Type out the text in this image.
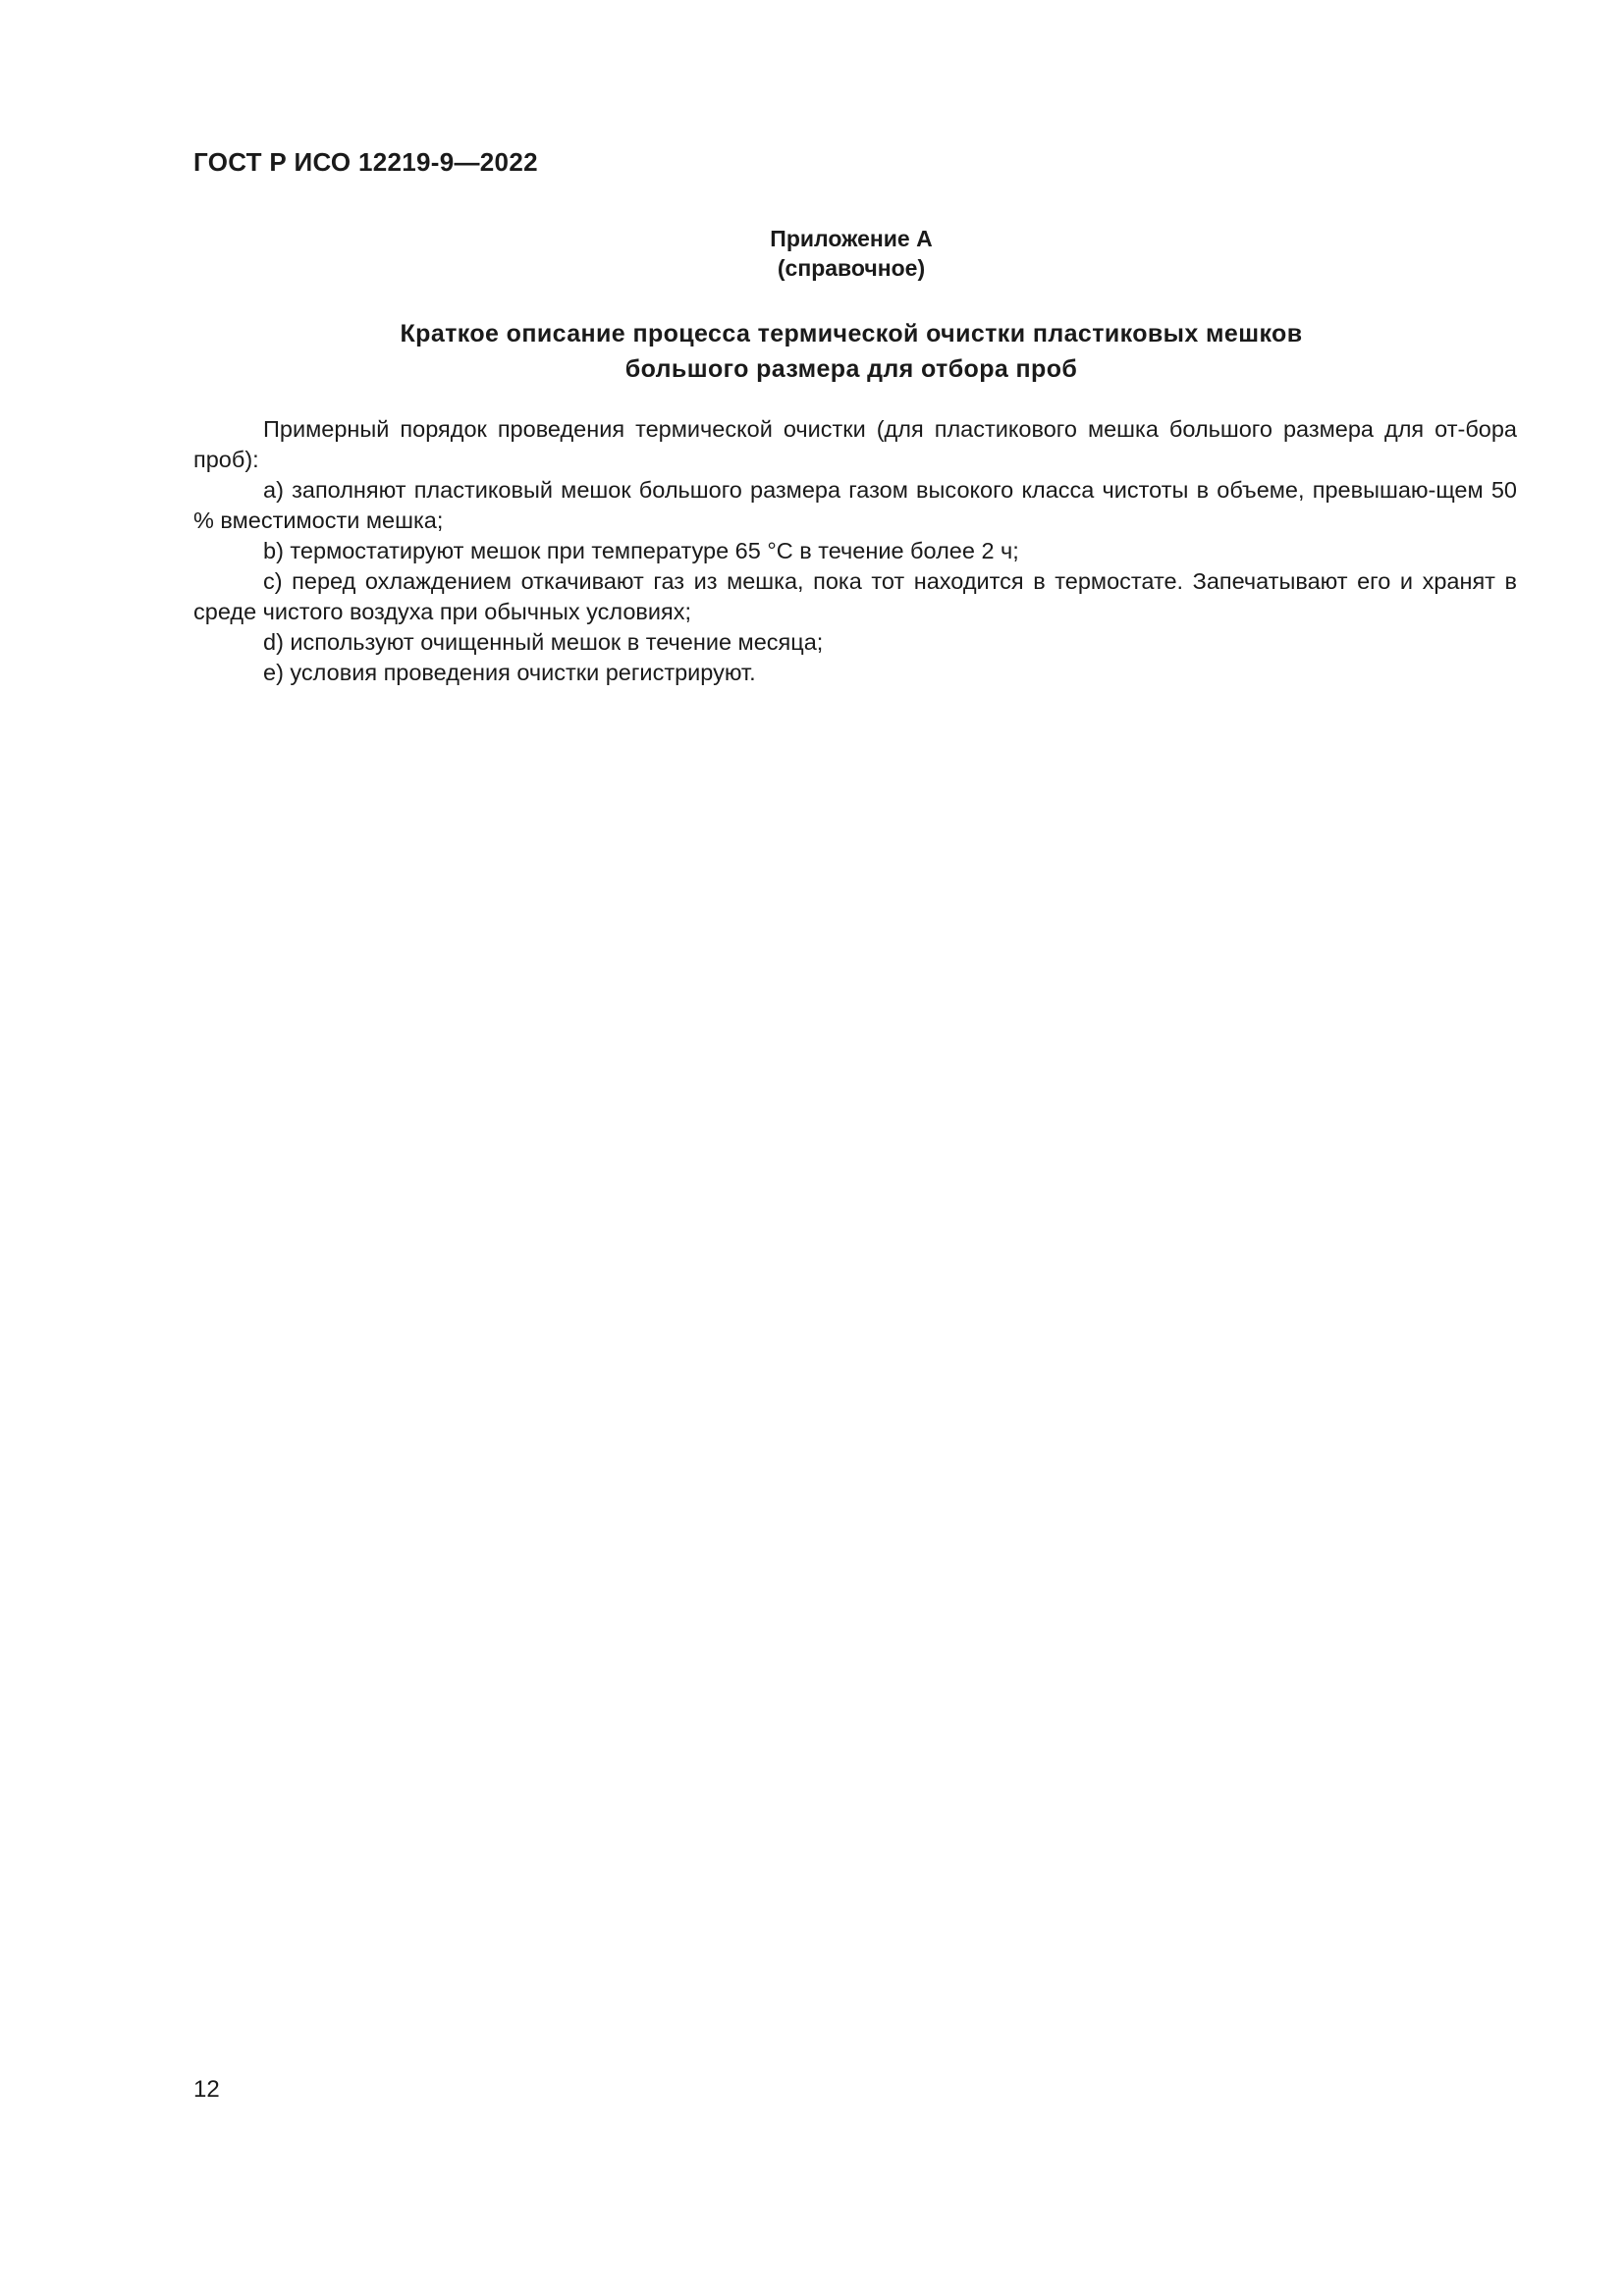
ГОСТ Р ИСО 12219-9—2022
Приложение А
(справочное)
Краткое описание процесса термической очистки пластиковых мешков
большого размера для отбора проб

Примерный порядок проведения термической очистки (для пластикового мешка большого размера для от-бора проб):

a) заполняют пластиковый мешок большого размера газом высокого класса чистоты в объеме, превышаю-щем 50 % вместимости мешка;

b) термостатируют мешок при температуре 65 °С в течение более 2 ч;

c) перед охлаждением откачивают газ из мешка, пока тот находится в термостате. Запечатывают его и хранят в среде чистого воздуха при обычных условиях;

d) используют очищенный мешок в течение месяца;

e) условия проведения очистки регистрируют.

12
